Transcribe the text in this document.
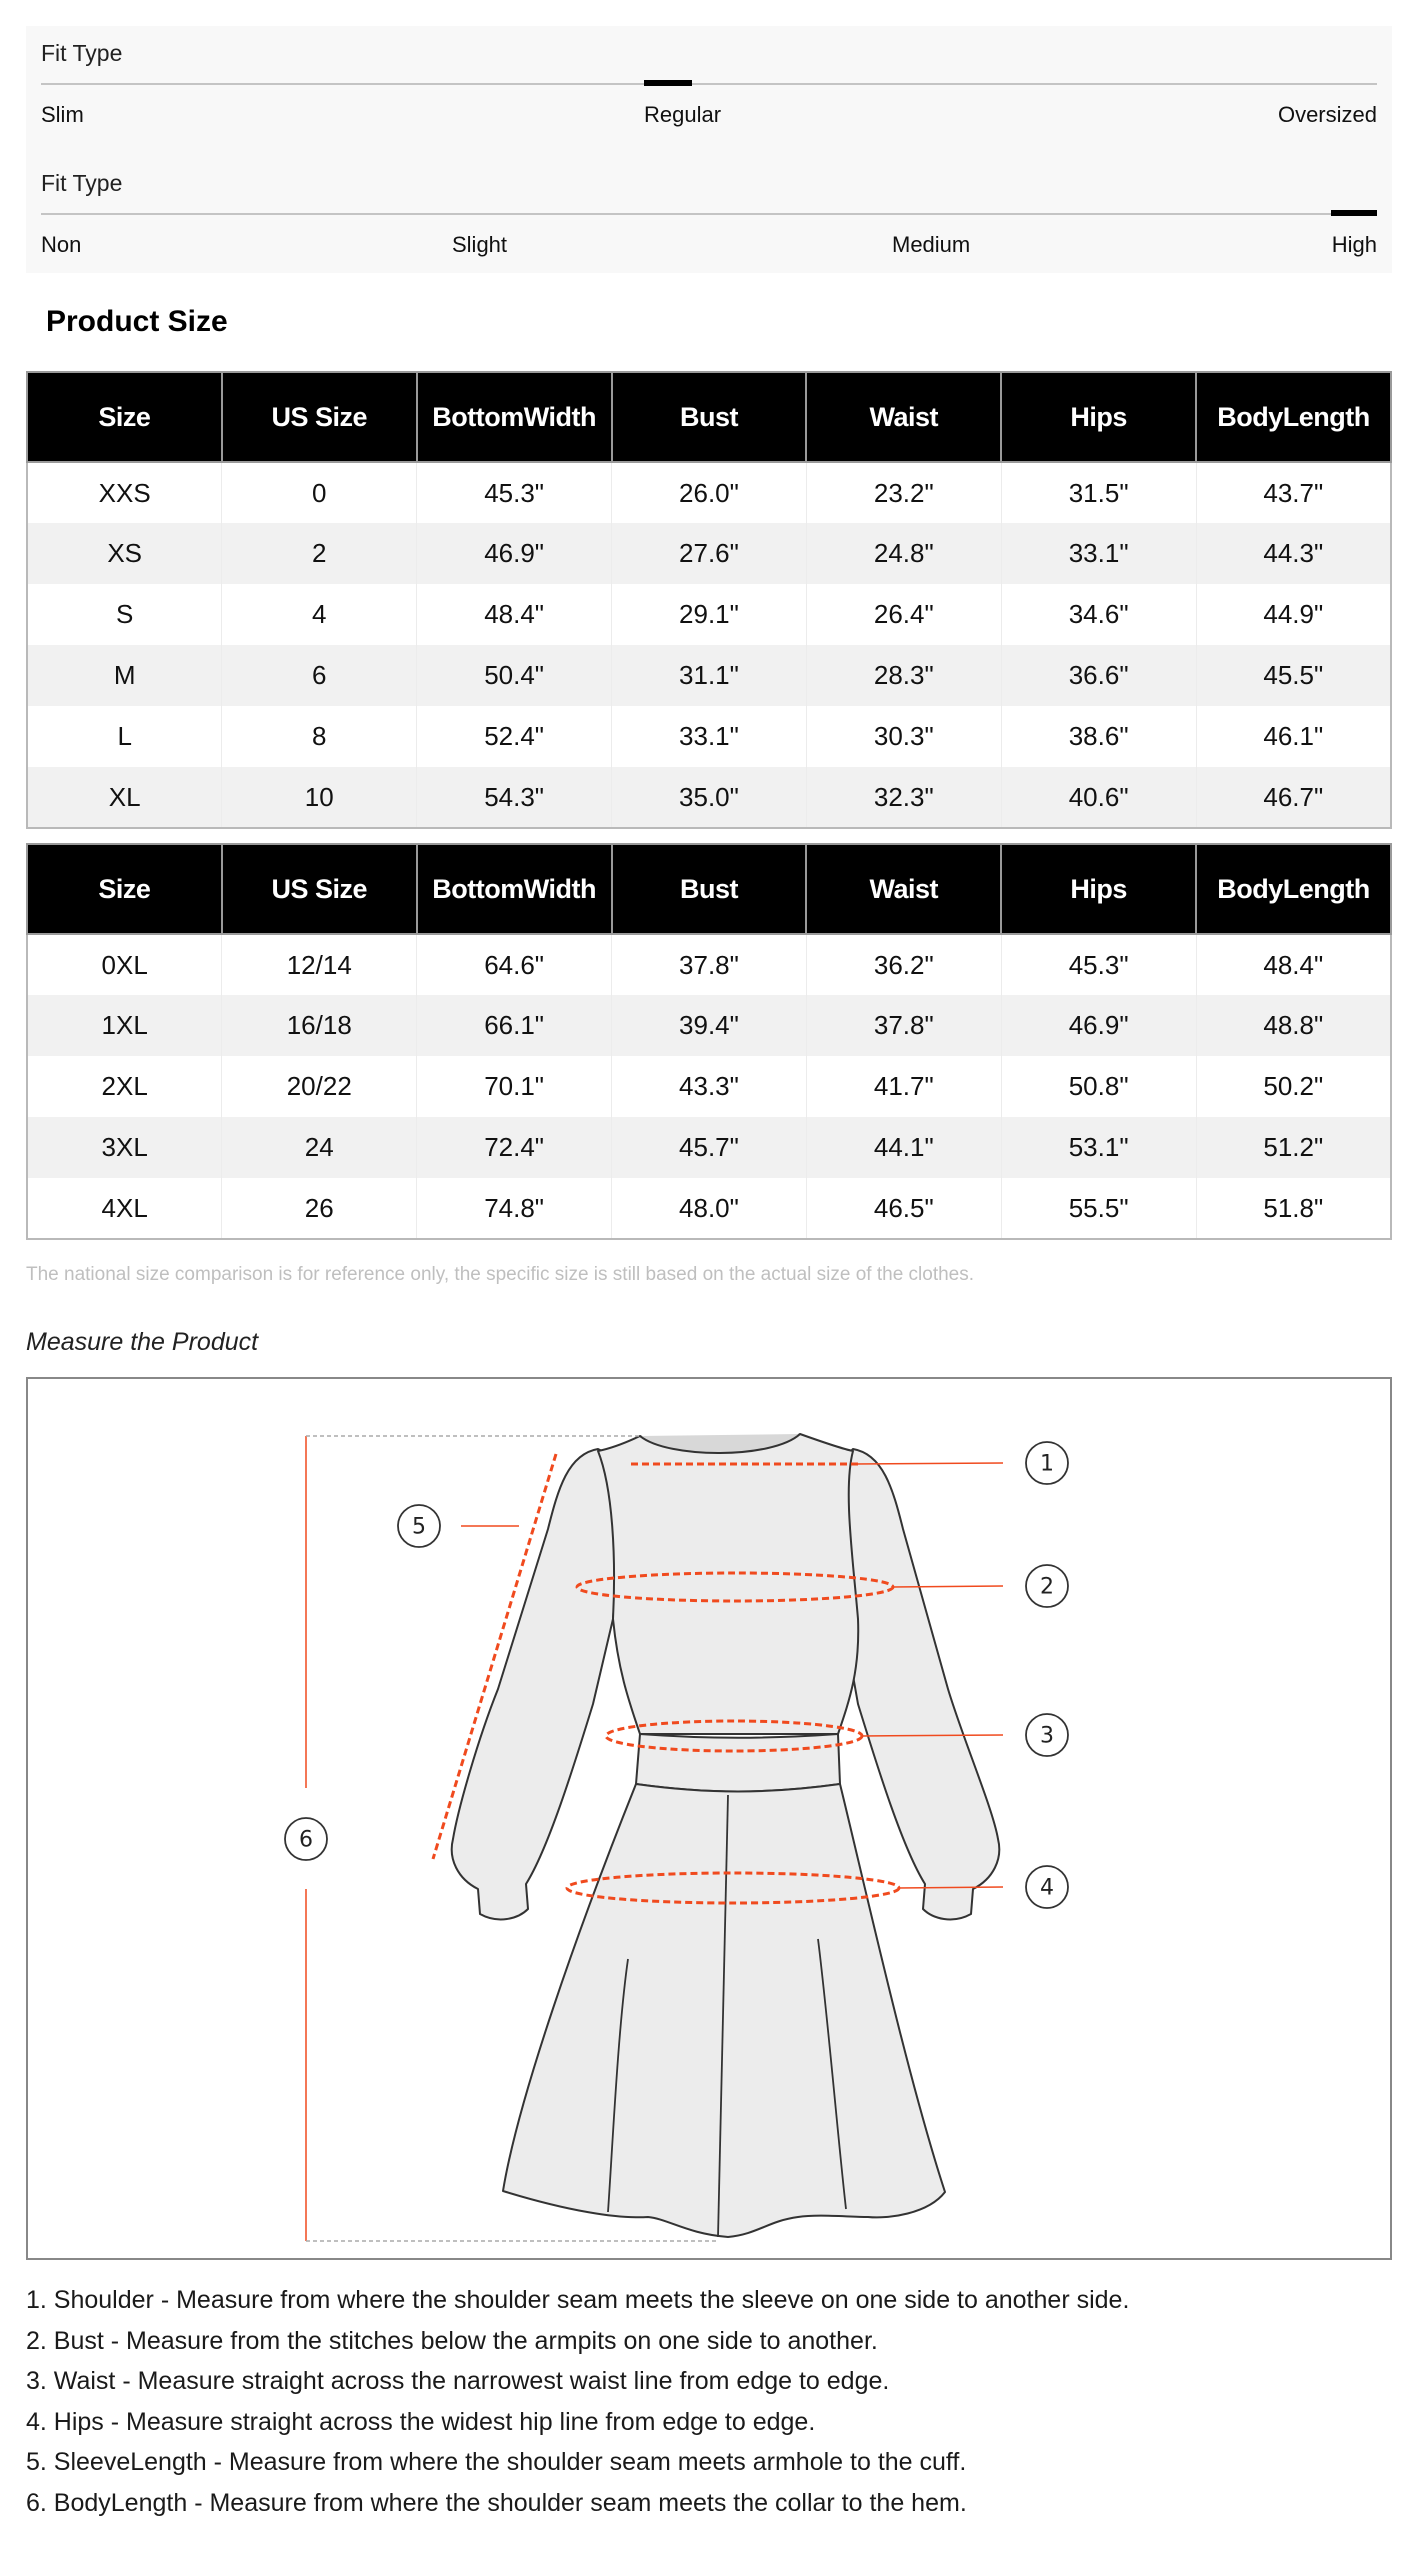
Fit Type
Slim	Regular	Oversized
Fit Type
Non	Slight	Medium	High
Product Size
Size	US Size	BottomWidth	Bust	Waist	Hips	BodyLength
XXS	0	45.3"	26.0"	23.2"	31.5"	43.7"
XS	2	46.9"	27.6"	24.8"	33.1"	44.3"
S	4	48.4"	29.1"	26.4"	34.6"	44.9"
M	6	50.4"	31.1"	28.3"	36.6"	45.5"
L	8	52.4"	33.1"	30.3"	38.6"	46.1"
XL	10	54.3"	35.0"	32.3"	40.6"	46.7"
Size	US Size	BottomWidth	Bust	Waist	Hips	BodyLength
0XL	12/14	64.6"	37.8"	36.2"	45.3"	48.4"
1XL	16/18	66.1"	39.4"	37.8"	46.9"	48.8"
2XL	20/22	70.1"	43.3"	41.7"	50.8"	50.2"
3XL	24	72.4"	45.7"	44.1"	53.1"	51.2"
4XL	26	74.8"	48.0"	46.5"	55.5"	51.8"
The national size comparison is for reference only, the specific size is still based on the actual size of the clothes.
Measure the Product
1
2
3
4
5
6
1. Shoulder - Measure from where the shoulder seam meets the sleeve on one side to another side.
2. Bust - Measure from the stitches below the armpits on one side to another.
3. Waist - Measure straight across the narrowest waist line from edge to edge.
4. Hips - Measure straight across the widest hip line from edge to edge.
5. SleeveLength - Measure from where the shoulder seam meets armhole to the cuff.
6. BodyLength - Measure from where the shoulder seam meets the collar to the hem.
